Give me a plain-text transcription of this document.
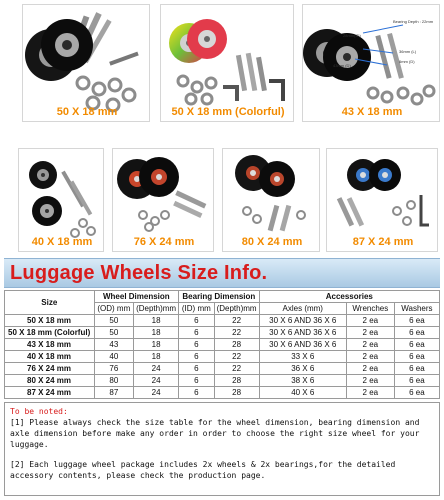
50 X 18 mm	50 X 18 mm (Colorful)
Bearing Depth : 22mm
28mm(ID)
36mm (L)
6mm (D)
43mm (D)
43 X 18 mm
40 X 18 mm	76 X 24 mm	80 X 24 mm	87 X 24 mm
Luggage Wheels Size Info.
Size	Wheel Dimension		Bearing Dimension		Accessories		
	(OD) mm	(Depth)mm	(ID) mm	(Depth)mm	Axles (mm)	Wrenches	Washers
50 X 18 mm	50	18	6	22	30 X 6 AND 36 X 6	2 ea	6 ea
50 X 18 mm (Colorful)	50	18	6	22	30 X 6 AND 36 X 6	2 ea	6 ea
43 X 18 mm	43	18	6	28	30 X 6 AND 36 X 6	2 ea	6 ea
40 X 18 mm	40	18	6	22	33 X 6	2 ea	6 ea
76 X 24 mm	76	24	6	22	36 X 6	2 ea	6 ea
80 X 24 mm	80	24	6	28	38 X 6	2 ea	6 ea
87 X 24 mm	87	24	6	28	40 X 6	2 ea	6 ea

To be noted:

[1] Please always check the size table for the wheel dimension, bearing dimension and axle dimension before make any order in order to choose the right size wheel for your luggage.

[2] Each luggage wheel package includes 2x wheels & 2x bearings,for the detailed accessory contents, please check the production page.
